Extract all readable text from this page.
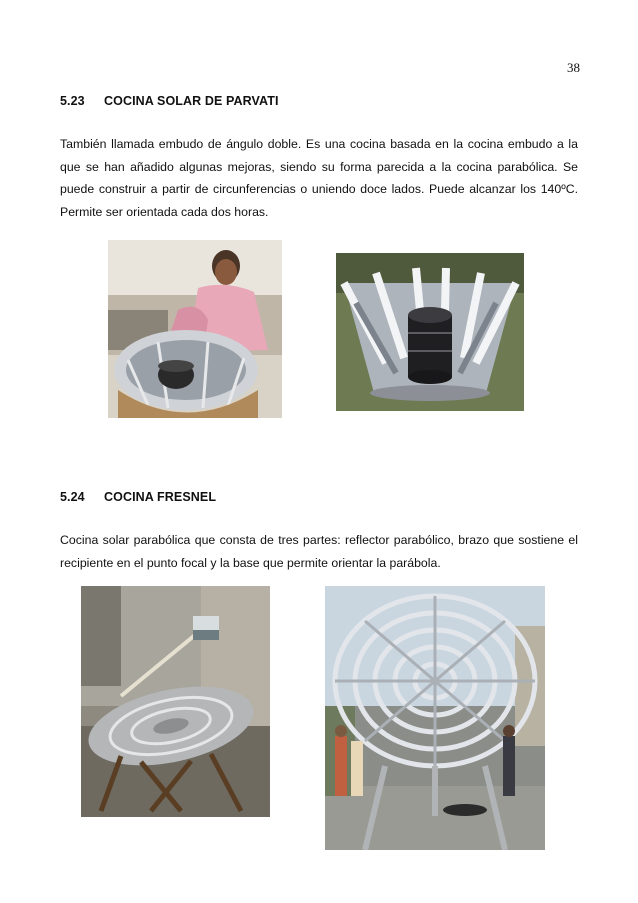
38
5.23 COCINA SOLAR DE PARVATI
También llamada embudo de ángulo doble. Es una cocina basada en la cocina embudo a la que se han añadido algunas mejoras, siendo su forma parecida a la cocina parabólica. Se puede construir a partir de circunferencias o uniendo doce lados. Puede alcanzar los 140ºC. Permite ser orientada cada dos horas.
5.24 COCINA FRESNEL
Cocina solar parabólica que consta de tres partes: reflector parabólico, brazo que sostiene el recipiente en el punto focal y la base que permite orientar la parábola.
